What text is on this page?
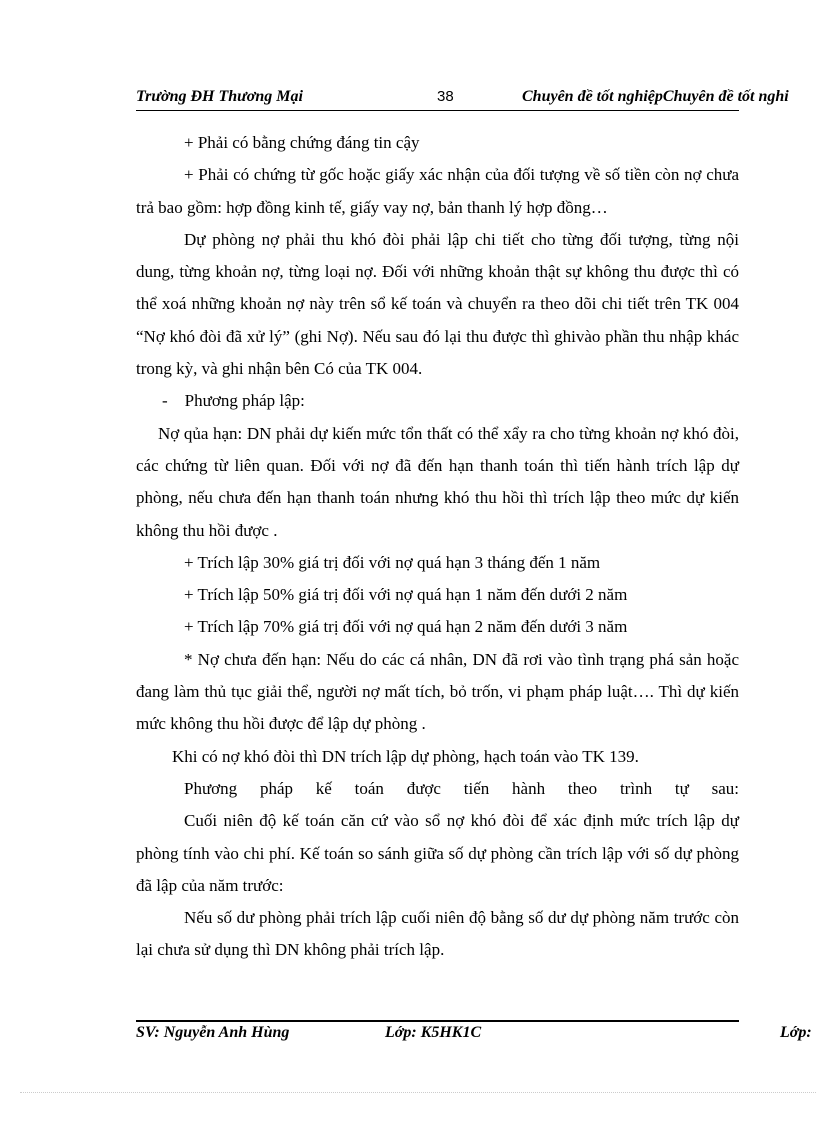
Trường ĐH Thương Mại	38	Chuyên đề tốt nghiệpChuyên đề tốt nghi

+ Phải có bằng chứng đáng tin cậy

+ Phải có chứng từ gốc hoặc giấy xác nhận của đối tượng về số tiền còn nợ chưa trả bao gồm: hợp đồng kinh tế, giấy vay nợ, bản thanh lý hợp đồng…

Dự phòng nợ phải thu khó đòi phải lập chi tiết cho từng đối tượng, từng nội dung, từng khoản nợ, từng loại nợ. Đối với những khoản thật sự không thu được thì có thể xoá những khoản nợ này trên sổ kế toán và chuyển ra theo dõi chi tiết trên TK 004 “Nợ khó đòi đã xử lý” (ghi Nợ). Nếu sau đó lại thu được thì ghivào phần thu nhập khác trong kỳ, và ghi nhận bên Có của TK 004.

-    Phương pháp lập:

Nợ qủa hạn: DN phải dự kiến mức tổn thất có thể xẩy ra cho từng khoản nợ khó đòi, các chứng từ liên quan. Đối với nợ đã đến hạn thanh toán thì tiến hành trích lập dự phòng, nếu chưa đến hạn thanh toán nhưng khó thu hồi thì trích lập theo mức dự kiến không thu hồi được .

+ Trích lập 30% giá trị đối với nợ quá hạn 3 tháng đến 1 năm

+ Trích lập 50% giá trị đối với nợ quá hạn 1 năm đến dưới 2 năm

+ Trích lập 70% giá trị đối với nợ quá hạn 2 năm đến dưới 3 năm

* Nợ chưa đến hạn: Nếu do các cá nhân, DN đã rơi vào tình trạng phá sản hoặc đang làm thủ tục giải thể, người nợ mất tích, bỏ trốn, vi phạm pháp luật…. Thì dự kiến mức không thu hồi được để lập dự phòng .

Khi có nợ khó đòi thì DN trích lập dự phòng, hạch toán vào TK 139.

Phương pháp kế toán được tiến hành theo trình tự sau:

Cuối niên độ kế toán căn cứ vào sổ nợ khó đòi để xác định mức trích lập dự phòng tính vào chi phí. Kế toán so sánh giữa số dự phòng cần trích lập với số dự phòng đã lập của năm trước:

Nếu số dư phòng phải trích lập cuối niên độ bằng số dư dự phòng năm trước còn lại chưa sử dụng thì DN không phải trích lập.

SV: Nguyễn Anh Hùng	Lớp: K5HK1C	Lớp:
